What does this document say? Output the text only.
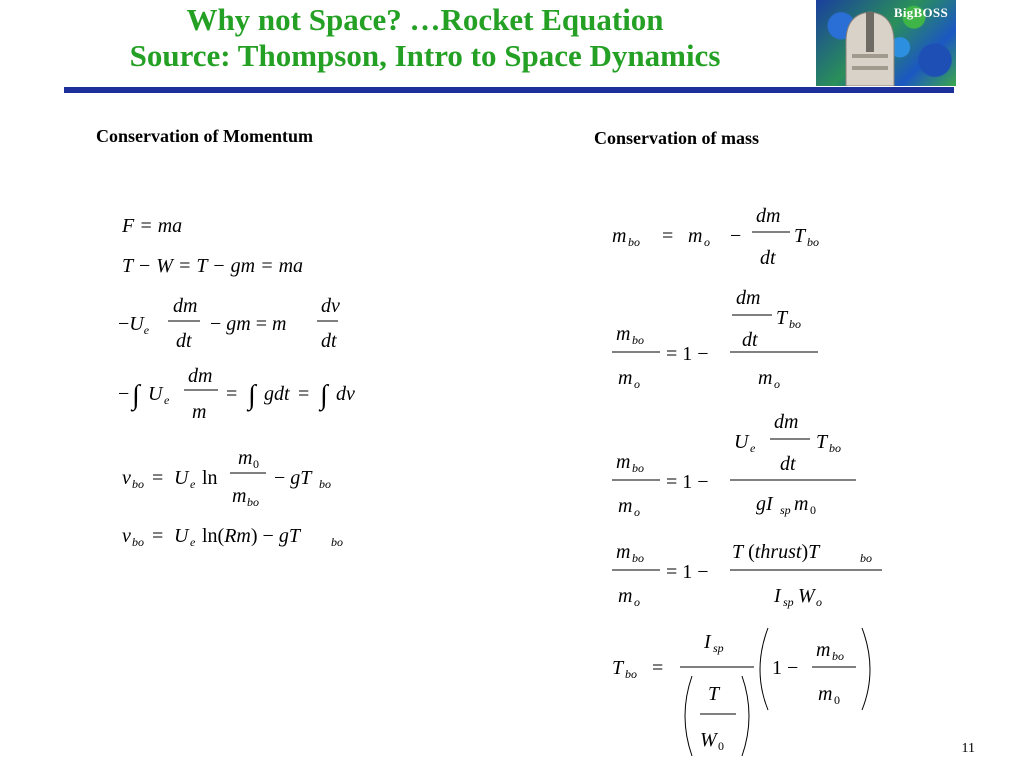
Why not Space? …Rocket Equation
Source: Thompson, Intro to Space Dynamics
BigBOSS
Conservation of Momentum	Conservation of mass
F = ma
T − W = T − gm = ma
$-U_e$
dm
dt
− gm = m
dv
dt
− ∫ U e
dm
m
= ∫ gdt = ∫ dv
v bo = U e ln
m 0
m bo
− gT bo
v bo = U e ln(Rm) − gT	bo
m bo = m o −
dm
dt
T bo
m bo
m o
= 1 −
dm
dt
T bo
m o
m bo
m o
= 1 −
U e
dm
dt
T bo
gI sp m 0
m bo
m o
= 1 −
T (thrust)T	bo
I sp W o
T bo =
I sp
T
W 0
1 −
m bo
m 0
11
